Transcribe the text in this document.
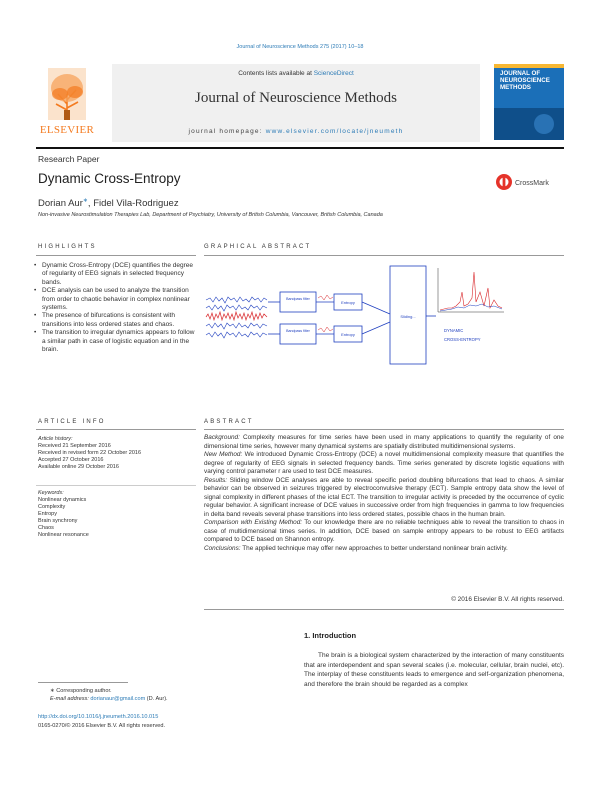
Journal of Neuroscience Methods 275 (2017) 10–18
ELSEVIER
Contents lists available at ScienceDirect
Journal of Neuroscience Methods
journal homepage: www.elsevier.com/locate/jneumeth
JOURNAL OF NEUROSCIENCE METHODS
Research Paper
Dynamic Cross-Entropy	CrossMark
Dorian Aur∗, Fidel Vila-Rodriguez
Non-invasive Neurostimulation Therapies Lab, Department of Psychiatry, University of British Columbia, Vancouver, British Columbia, Canada
HIGHLIGHTS	GRAPHICAL ABSTRACT
• Dynamic Cross-Entropy (DCE) quantifies the degree of regularity of EEG signals in selected frequency bands.
• DCE analysis can be used to analyze the transition from order to chaotic behavior in complex nonlinear systems.
• The presence of bifurcations is consistent with transitions into less ordered states and chaos.
• The transition to irregular dynamics appears to follow a similar path in case of logistic equation and in the brain.
Bandpass filter
Bandpass filter
Entropy
Entropy
Sliding...
DYNAMIC
CROSS-ENTROPY
ARTICLE INFO	ABSTRACT
Article history:
Received 21 September 2016
Received in revised form 22 October 2016
Accepted 27 October 2016
Available online 29 October 2016
Keywords:
Nonlinear dynamics
Complexity
Entropy
Brain synchrony
Chaos
Nonlinear resonance

Background: Complexity measures for time series have been used in many applications to quantify the regularity of one dimensional time series, however many dynamical systems are spatially distributed multidimensional systems.

New Method: We introduced Dynamic Cross-Entropy (DCE) a novel multidimensional complexity measure that quantifies the degree of regularity of EEG signals in selected frequency bands. Time series generated by discrete logistic equations with varying control parameter r are used to test DCE measures.

Results: Sliding window DCE analyses are able to reveal specific period doubling bifurcations that lead to chaos. A similar behavior can be observed in seizures triggered by electroconvulsive therapy (ECT). Sample entropy data show the level of signal complexity in different phases of the ictal ECT. The transition to irregular activity is preceded by the occurrence of cyclic regular behavior. A significant increase of DCE values in successive order from high frequencies in gamma to low frequencies in delta band reveals several phase transitions into less ordered states, possible chaos in the human brain.

Comparison with Existing Method: To our knowledge there are no reliable techniques able to reveal the transition to chaos in case of multidimensional times series. In addition, DCE based on sample entropy appears to be robust to EEG artifacts compared to DCE based on Shannon entropy.

Conclusions: The applied technique may offer new approaches to better understand nonlinear brain activity.

© 2016 Elsevier B.V. All rights reserved.
1. Introduction
The brain is a biological system characterized by the interaction of many constituents that are interdependent and span several scales (i.e. molecular, cellular, brain nuclei, etc). The interplay of these constituents leads to emergence and self-organization phenomena, and therefore the brain should be regarded as a complex
∗ Corresponding author.
E-mail address: dorianaur@gmail.com (D. Aur).
http://dx.doi.org/10.1016/j.jneumeth.2016.10.015
0165-0270/© 2016 Elsevier B.V. All rights reserved.
